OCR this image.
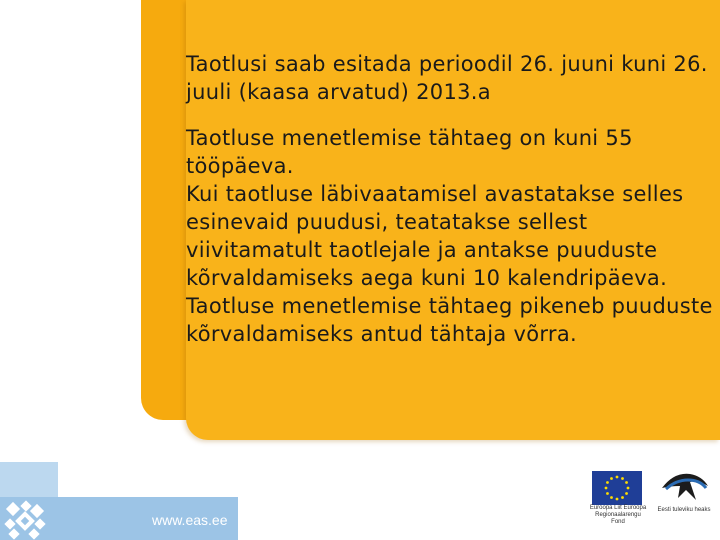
Taotlusi saab esitada perioodil 26. juuni kuni 26. juuli (kaasa arvatud) 2013.a

Taotluse menetlemise tähtaeg on kuni 55 tööpäeva.

Kui taotluse läbivaatamisel avastatakse selles esinevaid puudusi, teatatakse sellest viivitamatult taotlejale ja antakse puuduste kõrvaldamiseks aega kuni 10 kalendripäeva. Taotluse menetlemise tähtaeg pikeneb puuduste kõrvaldamiseks antud tähtaja võrra.

www.eas.ee
Euroopa Liit Euroopa Regionaalarengu Fond
Eesti tuleviku heaks
